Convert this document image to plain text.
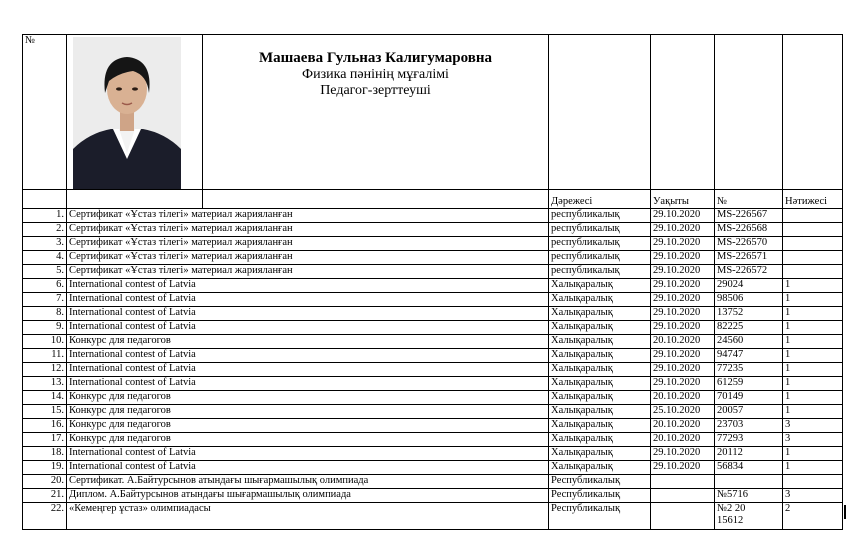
№		Машаева Гульназ Калигумаровна
Физика пәнінің мұғалімі
Педагог-зерттеуші				

			Дәрежесі	Уақыты	№	Нәтижесі
1.	Сертификат «Ұстаз тілегі» материал жарияланған		республикалық	29.10.2020	MS-226567	
2.	Сертификат «Ұстаз тілегі» материал жарияланған		республикалық	29.10.2020	MS-226568	
3.	Сертификат «Ұстаз тілегі» материал жарияланған		республикалық	29.10.2020	MS-226570	
4.	Сертификат «Ұстаз тілегі» материал жарияланған		республикалық	29.10.2020	MS-226571	
5.	Сертификат «Ұстаз тілегі» материал жарияланған		республикалық	29.10.2020	MS-226572	
6.	International contest of Latvia		Халықаралық	29.10.2020	29024	1
7.	International contest of Latvia		Халықаралық	29.10.2020	98506	1
8.	International contest of Latvia		Халықаралық	29.10.2020	13752	1
9.	International contest of Latvia		Халықаралық	29.10.2020	82225	1
10.	Конкурс для педагогов		Халықаралық	20.10.2020	24560	1
11.	International contest of Latvia		Халықаралық	29.10.2020	94747	1
12.	International contest of Latvia		Халықаралық	29.10.2020	77235	1
13.	International contest of Latvia		Халықаралық	29.10.2020	61259	1
14.	Конкурс для педагогов		Халықаралық	20.10.2020	70149	1
15.	Конкурс для педагогов		Халықаралық	25.10.2020	20057	1
16.	Конкурс для педагогов		Халықаралық	20.10.2020	23703	3
17.	Конкурс для педагогов		Халықаралық	20.10.2020	77293	3
18.	International contest of Latvia		Халықаралық	29.10.2020	20112	1
19.	International contest of Latvia		Халықаралық	29.10.2020	56834	1
20.	Сертификат. А.Байтурсынов атындағы шығармашылық олимпиада		Республикалық			
21.	Диплом. А.Байтурсынов атындағы шығармашылық олимпиада		Республикалық		№5716	3
22.	«Кемеңгер ұстаз» олимпиадасы		Республикалық		№2 20
15612	2
